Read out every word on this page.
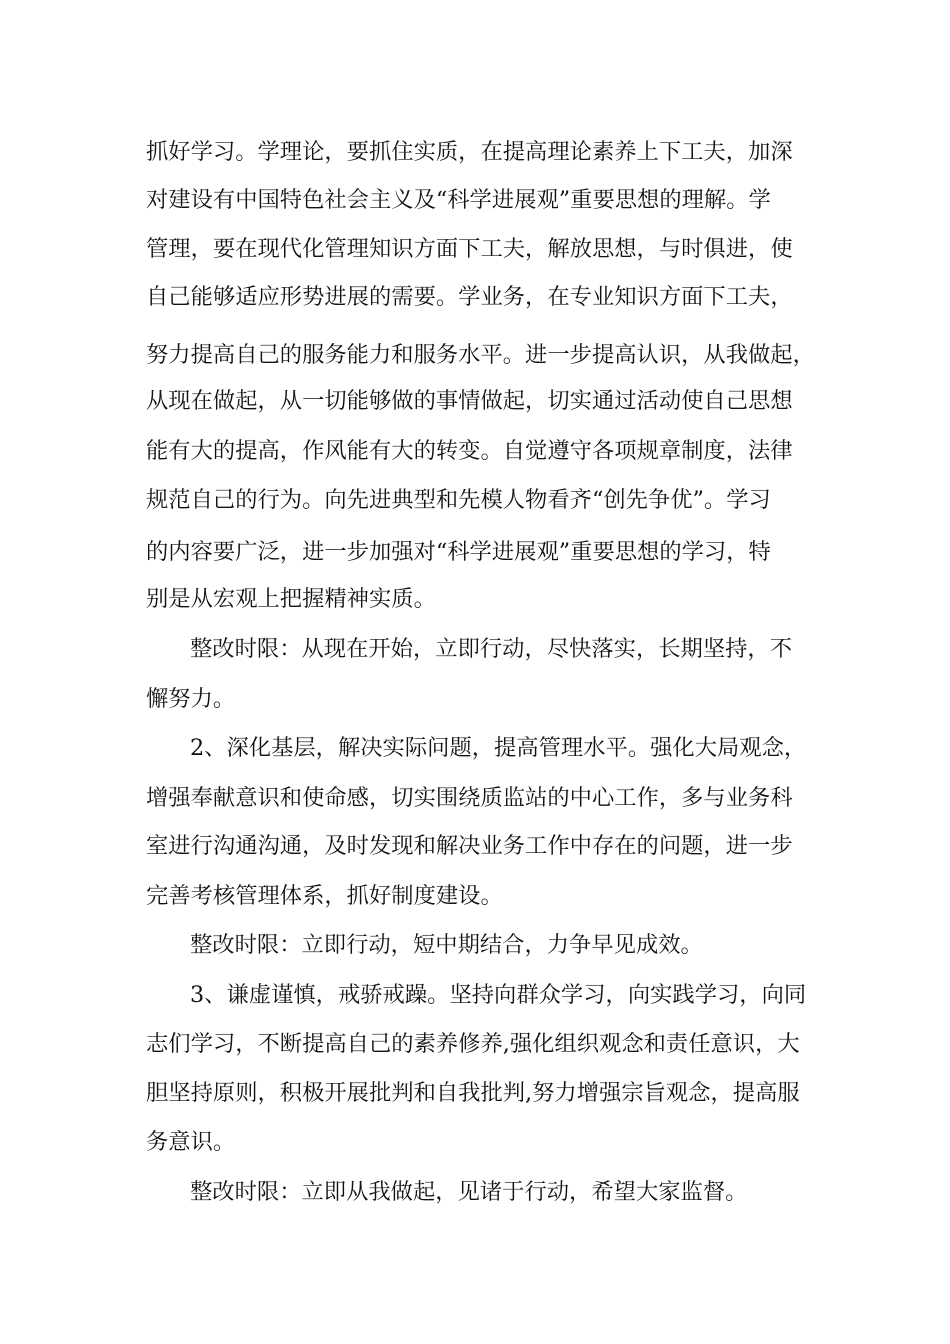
抓好学习。学理论，要抓住实质，在提高理论素养上下工夫，加深
对建设有中国特色社会主义及“科学进展观”重要思想的理解。学
管理，要在现代化管理知识方面下工夫，解放思想，与时俱进，使
自己能够适应形势进展的需要。学业务，在专业知识方面下工夫，
努力提高自己的服务能力和服务水平。进一步提高认识，从我做起，
从现在做起，从一切能够做的事情做起，切实通过活动使自己思想
能有大的提高，作风能有大的转变。自觉遵守各项规章制度，法律
规范自己的行为。向先进典型和先模人物看齐“创先争优”。学习
的内容要广泛，进一步加强对“科学进展观”重要思想的学习，特
别是从宏观上把握精神实质。
整改时限：从现在开始，立即行动，尽快落实，长期坚持，不
懈努力。
2、深化基层，解决实际问题，提高管理水平。强化大局观念，
增强奉献意识和使命感，切实围绕质监站的中心工作，多与业务科
室进行沟通沟通，及时发现和解决业务工作中存在的问题，进一步
完善考核管理体系，抓好制度建设。
整改时限：立即行动，短中期结合，力争早见成效。
3、谦虚谨慎，戒骄戒躁。坚持向群众学习，向实践学习，向同
志们学习，不断提高自己的素养修养,强化组织观念和责任意识，大
胆坚持原则，积极开展批判和自我批判,努力增强宗旨观念，提高服
务意识。
整改时限：立即从我做起，见诸于行动，希望大家监督。
